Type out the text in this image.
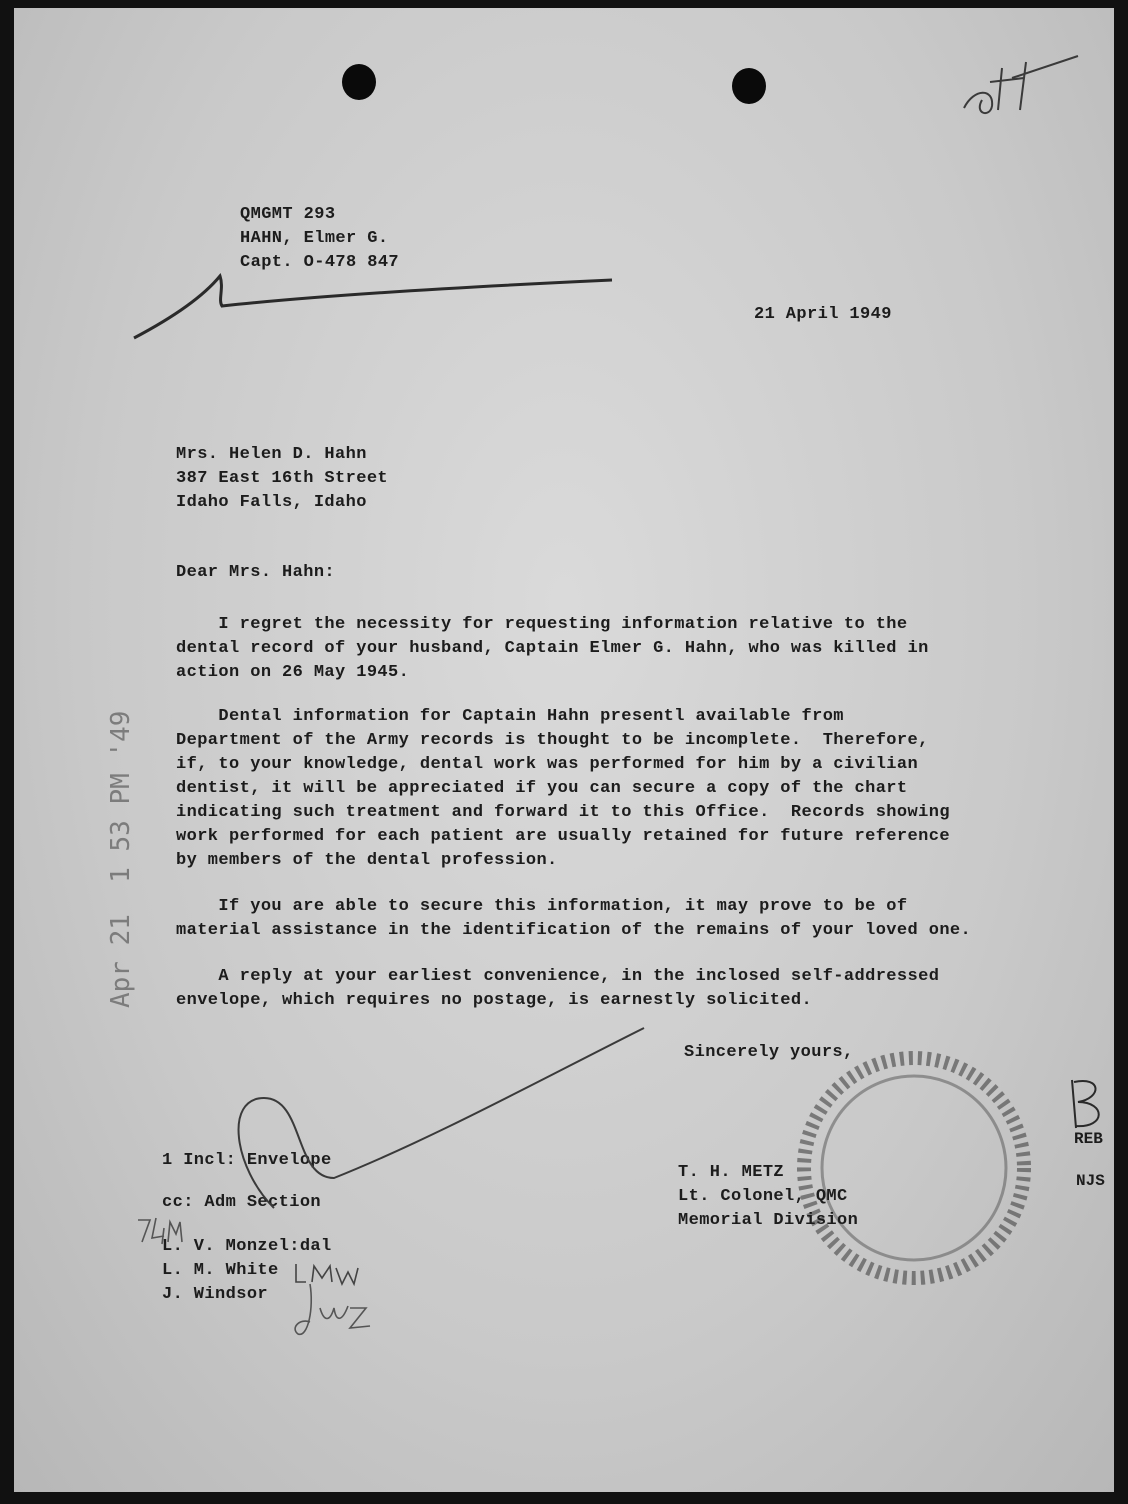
QMGMT 293
HAHN, Elmer G.
Capt. O-478 847
21 April 1949
Mrs. Helen D. Hahn
387 East 16th Street
Idaho Falls, Idaho
Dear Mrs. Hahn:
I regret the necessity for requesting information relative to the
dental record of your husband, Captain Elmer G. Hahn, who was killed in
action on 26 May 1945.
Dental information for Captain Hahn presentl available from
Department of the Army records is thought to be incomplete.  Therefore,
if, to your knowledge, dental work was performed for him by a civilian
dentist, it will be appreciated if you can secure a copy of the chart
indicating such treatment and forward it to this Office.  Records showing
work performed for each patient are usually retained for future reference
by members of the dental profession.
If you are able to secure this information, it may prove to be of
material assistance in the identification of the remains of your loved one.
A reply at your earliest convenience, in the inclosed self-addressed
envelope, which requires no postage, is earnestly solicited.
Apr 21  1 53 PM '49
Sincerely yours,
T. H. METZ
Lt. Colonel, QMC
Memorial Division
REB
NJS
1 Incl: Envelope
cc: Adm Section
L. V. Monzel:dal
L. M. White
J. Windsor
